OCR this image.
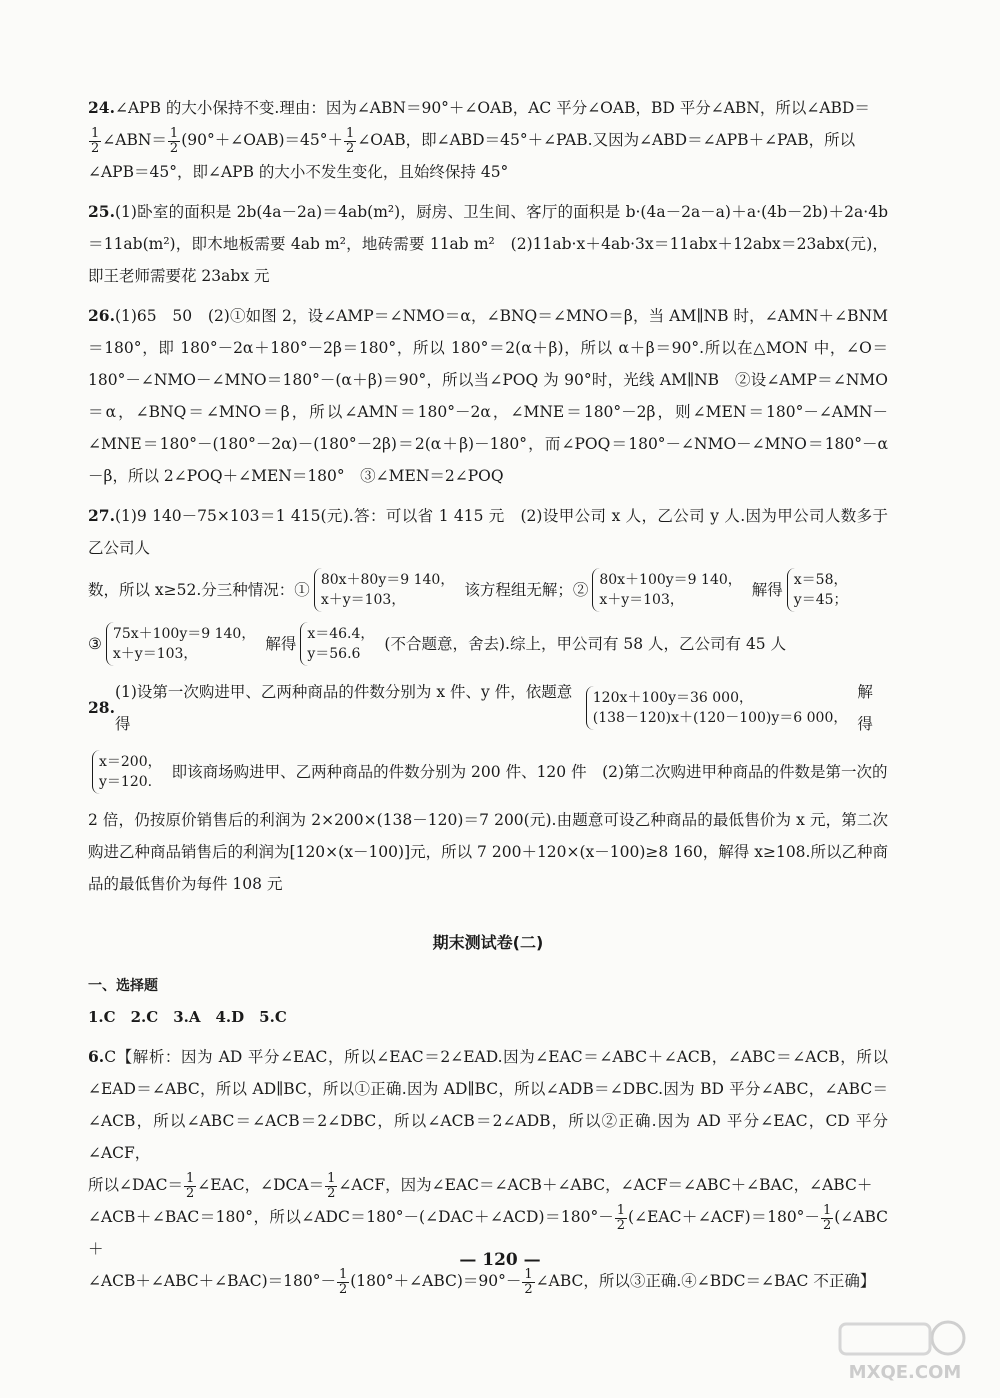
24.∠APB 的大小保持不变.理由：因为∠ABN＝90°＋∠OAB，AC 平分∠OAB，BD 平分∠ABN，所以∠ABD＝

$\frac{1}{2}$ ∠ABN＝ $\frac{1}{2}$ (90°＋∠OAB)＝45°＋ $\frac{1}{2}$ ∠OAB，即∠ABD＝45°＋∠PAB.又因为∠ABD＝∠APB＋∠PAB，所以
∠APB＝45°，即∠APB 的大小不发生变化，且始终保持 45°
25.(1)卧室的面积是 2b(4a－2a)＝4ab(m²)，厨房、卫生间、客厅的面积是 b·(4a－2a－a)＋a·(4b－2b)＋2a·4b＝11ab(m²)，即木地板需要 4ab m²，地砖需要 11ab m²　(2)11ab·x＋4ab·3x＝11abx＋12abx＝23abx(元)，即王老师需要花 23abx 元
26.(1)65　50　(2)①如图 2，设∠AMP＝∠NMO＝α，∠BNQ＝∠MNO＝β，当 AM∥NB 时，∠AMN＋∠BNM＝180°，即 180°－2α＋180°－2β＝180°，所以 180°＝2(α＋β)，所以 α＋β＝90°.所以在△MON 中，∠O＝180°－∠NMO－∠MNO＝180°－(α＋β)＝90°，所以当∠POQ 为 90°时，光线 AM∥NB　②设∠AMP＝∠NMO＝α，∠BNQ＝∠MNO＝β，所以∠AMN＝180°－2α，∠MNE＝180°－2β，则∠MEN＝180°－∠AMN－∠MNE＝180°－(180°－2α)－(180°－2β)＝2(α＋β)－180°，而∠POQ＝180°－∠NMO－∠MNO＝180°－α－β，所以 2∠POQ＋∠MEN＝180°　③∠MEN＝2∠POQ
27.(1)9 140－75×103＝1 415(元).答：可以省 1 415 元　(2)设甲公司 x 人，乙公司 y 人.因为甲公司人数多于乙公司人
数，所以 x≥52.分三种情况：①
80x＋80y＝9 140，
x＋y＝103，
该方程组无解；②
80x＋100y＝9 140，
x＋y＝103，
解得
x＝58，
y＝45；
③
75x＋100y＝9 140，
x＋y＝103，
解得
x＝46.4，
y＝56.6
(不合题意，舍去).综上，甲公司有 58 人，乙公司有 45 人
28.
(1)设第一次购进甲、乙两种商品的件数分别为 x 件、y 件，依题意得
120x＋100y＝36 000，
(138－120)x＋(120－100)y＝6 000，
解得
x＝200，
y＝120.
即该商场购进甲、乙两种商品的件数分别为 200 件、120 件　(2)第二次购进甲种商品的件数是第一次的
2 倍，仍按原价销售后的利润为 2×200×(138－120)＝7 200(元).由题意可设乙种商品的最低售价为 x 元，第二次购进乙种商品销售后的利润为[120×(x－100)]元，所以 7 200＋120×(x－100)≥8 160，解得 x≥108.所以乙种商品的最低售价为每件 108 元
期末测试卷(二)
一、选择题
1.C　2.C　3.A　4.D　5.C
6.C【解析：因为 AD 平分∠EAC，所以∠EAC＝2∠EAD.因为∠EAC＝∠ABC＋∠ACB，∠ABC＝∠ACB，所以∠EAD＝∠ABC，所以 AD∥BC，所以①正确.因为 AD∥BC，所以∠ADB＝∠DBC.因为 BD 平分∠ABC，∠ABC＝∠ACB，所以∠ABC＝∠ACB＝2∠DBC，所以∠ACB＝2∠ADB，所以②正确.因为 AD 平分∠EAC，CD 平分∠ACF，
所以∠DAC＝ $\frac{1}{2}$ ∠EAC，∠DCA＝ $\frac{1}{2}$ ∠ACF，因为∠EAC＝∠ACB＋∠ABC，∠ACF＝∠ABC＋∠BAC，∠ABC＋
∠ACB＋∠BAC＝180°，所以∠ADC＝180°－(∠DAC＋∠ACD)＝180°－ $\frac{1}{2}$ (∠EAC＋∠ACF)＝180°－ $\frac{1}{2}$ (∠ABC＋
∠ACB＋∠ABC＋∠BAC)＝180°－ $\frac{1}{2}$ (180°＋∠ABC)＝90°－ $\frac{1}{2}$ ∠ABC，所以③正确.④∠BDC＝∠BAC 不正确】
— 120 —
MXQE.COM
